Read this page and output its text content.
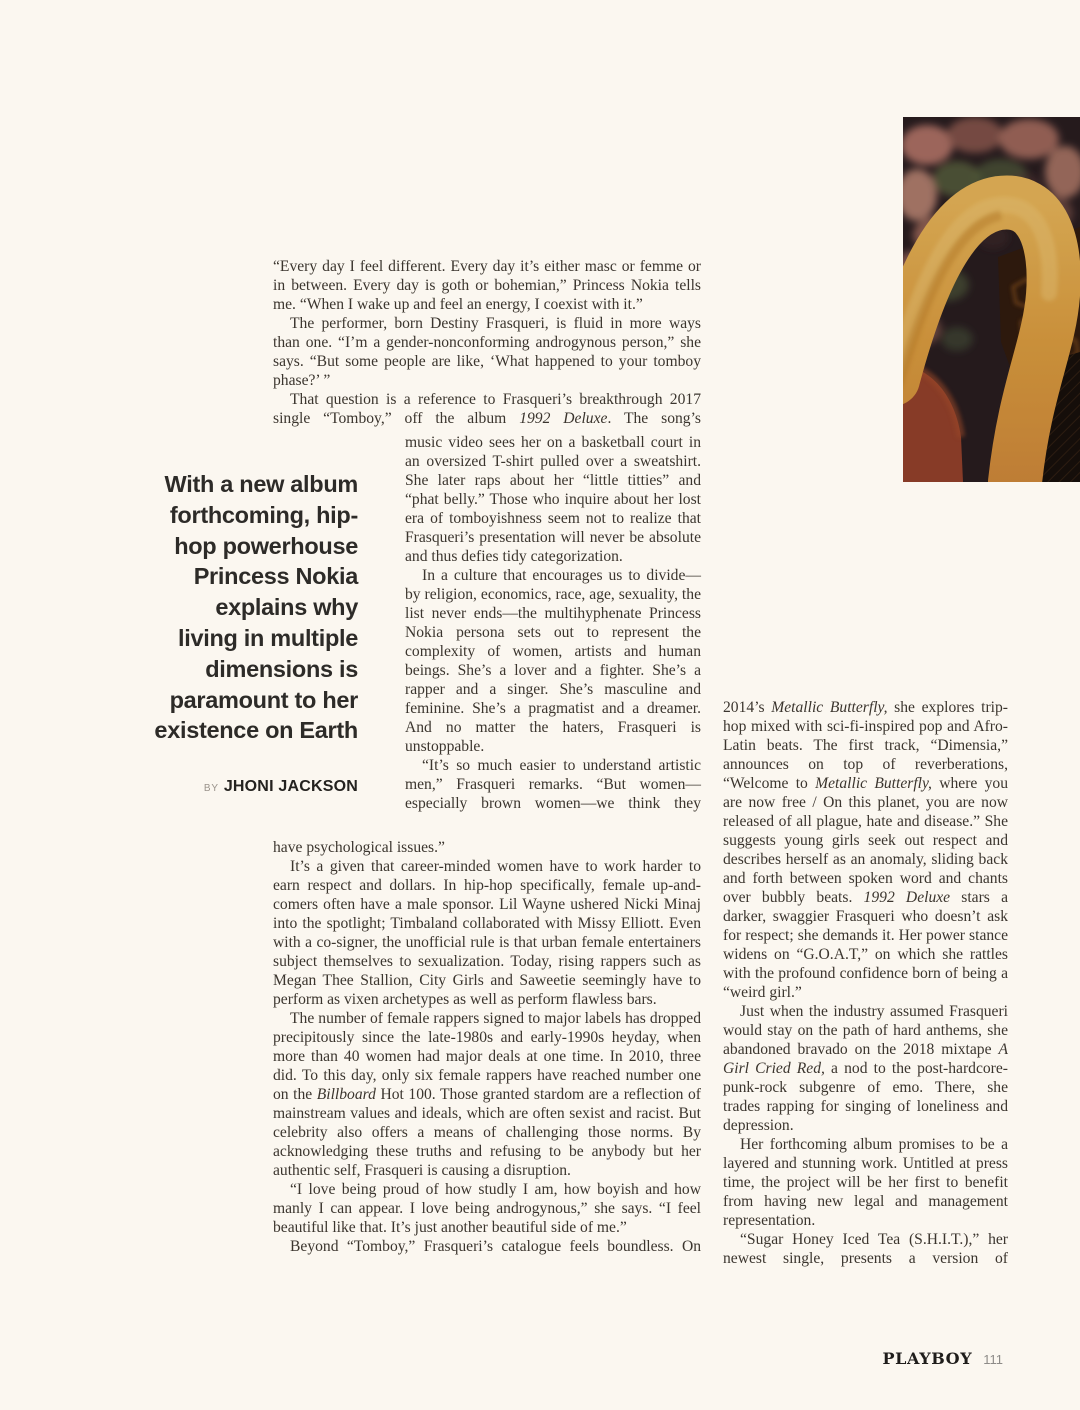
With a new album
forthcoming, hip-
hop powerhouse
Princess Nokia
explains why
living in multiple
dimensions is
paramount to her
existence on Earth
BY JHONI JACKSON

“Every day I feel different. Every day it’s either masc or femme or in between. Every day is goth or bohemian,” Princess Nokia tells me. “When I wake up and feel an energy, I coexist with it.”

The performer, born Destiny Frasqueri, is fluid in more ways than one. “I’m a gender-nonconforming androgynous person,” she says. “But some people are like, ‘What happened to your tomboy phase?’ ”

That question is a reference to Frasqueri’s breakthrough 2017 single “Tomboy,” off the album 1992 Deluxe. The song’s

music video sees her on a basketball court in an oversized T-shirt pulled over a sweatshirt. She later raps about her “little titties” and “phat belly.” Those who inquire about her lost era of tomboyishness seem not to realize that Frasqueri’s presentation will never be absolute and thus defies tidy categorization.

In a culture that encourages us to divide—by religion, economics, race, age, sexuality, the list never ends—the multihyphenate Princess Nokia persona sets out to represent the complexity of women, artists and human beings. She’s a lover and a fighter. She’s a rapper and a singer. She’s masculine and feminine. She’s a pragmatist and a dreamer. And no matter the haters, Frasqueri is unstoppable.

“It’s so much easier to understand artistic men,” Frasqueri remarks. “But women—especially brown women—we think they

have psychological issues.”

It’s a given that career-minded women have to work harder to earn respect and dollars. In hip-hop specifically, female up-and-comers often have a male sponsor. Lil Wayne ushered Nicki Minaj into the spotlight; Timbaland collaborated with Missy Elliott. Even with a co-signer, the unofficial rule is that urban female entertainers subject themselves to sexualization. Today, rising rappers such as Megan Thee Stallion, City Girls and Saweetie seemingly have to perform as vixen archetypes as well as perform flawless bars.

The number of female rappers signed to major labels has dropped precipitously since the late-1980s and early-1990s heyday, when more than 40 women had major deals at one time. In 2010, three did. To this day, only six female rappers have reached number one on the Billboard Hot 100. Those granted stardom are a reflection of mainstream values and ideals, which are often sexist and racist. But celebrity also offers a means of challenging those norms. By acknowledging these truths and refusing to be anybody but her authentic self, Frasqueri is causing a disruption.

“I love being proud of how studly I am, how boyish and how manly I can appear. I love being androgynous,” she says. “I feel beautiful like that. It’s just another beautiful side of me.”

Beyond “Tomboy,” Frasqueri’s catalogue feels boundless. On

2014’s Metallic Butterfly, she explores trip-hop mixed with sci-fi-inspired pop and Afro-Latin beats. The first track, “Dimensia,” announces on top of reverberations, “Welcome to Metallic Butterfly, where you are now free / On this planet, you are now released of all plague, hate and disease.” She suggests young girls seek out respect and describes herself as an anomaly, sliding back and forth between spoken word and chants over bubbly beats. 1992 Deluxe stars a darker, swaggier Frasqueri who doesn’t ask for respect; she demands it. Her power stance widens on “G.O.A.T,” on which she rattles with the profound confidence born of being a “weird girl.”

Just when the industry assumed Frasqueri would stay on the path of hard anthems, she abandoned bravado on the 2018 mixtape A Girl Cried Red, a nod to the post-hardcore-punk-rock subgenre of emo. There, she trades rapping for singing of loneliness and depression.

Her forthcoming album promises to be a layered and stunning work. Untitled at press time, the project will be her first to benefit from having new legal and management representation.

“Sugar Honey Iced Tea (S.H.I.T.),” her newest single, presents a version of

PLAYBOY 111
